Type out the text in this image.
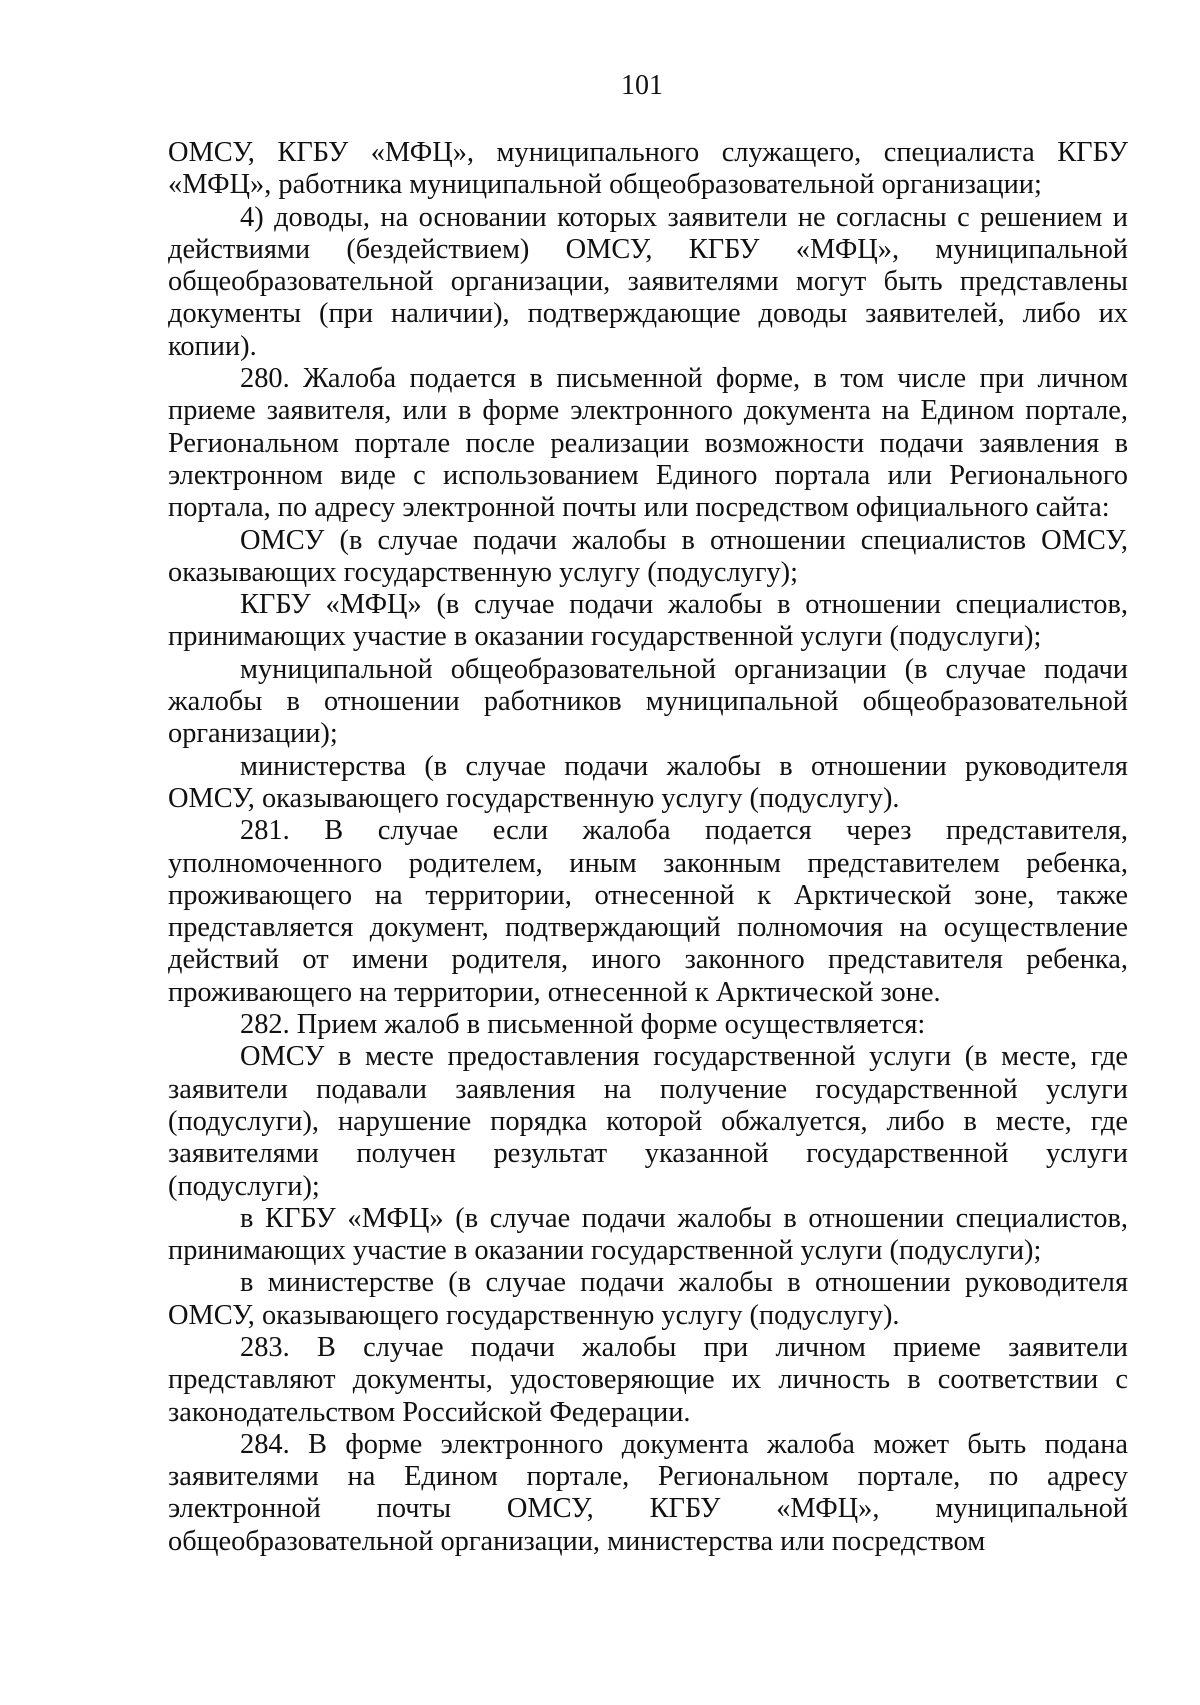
101

ОМСУ, КГБУ «МФЦ», муниципального служащего, специалиста КГБУ «МФЦ», работника муниципальной общеобразовательной организации;

4) доводы, на основании которых заявители не согласны с решением и действиями (бездействием) ОМСУ, КГБУ «МФЦ», муниципальной общеобразовательной организации, заявителями могут быть представлены документы (при наличии), подтверждающие доводы заявителей, либо их копии).

280. Жалоба подается в письменной форме, в том числе при личном приеме заявителя, или в форме электронного документа на Едином портале, Региональном портале после реализации возможности подачи заявления в электронном виде с использованием Единого портала или Регионального портала, по адресу электронной почты или посредством официального сайта:

ОМСУ (в случае подачи жалобы в отношении специалистов ОМСУ, оказывающих государственную услугу (подуслугу);

КГБУ «МФЦ» (в случае подачи жалобы в отношении специалистов, принимающих участие в оказании государственной услуги (подуслуги);

муниципальной общеобразовательной организации (в случае подачи жалобы в отношении работников муниципальной общеобразовательной организации);

министерства (в случае подачи жалобы в отношении руководителя ОМСУ, оказывающего государственную услугу (подуслугу).

281. В случае если жалоба подается через представителя, уполномоченного родителем, иным законным представителем ребенка, проживающего на территории, отнесенной к Арктической зоне, также представляется документ, подтверждающий полномочия на осуществление действий от имени родителя, иного законного представителя ребенка, проживающего на территории, отнесенной к Арктической зоне.

282. Прием жалоб в письменной форме осуществляется:

ОМСУ в месте предоставления государственной услуги (в месте, где заявители подавали заявления на получение государственной услуги (подуслуги), нарушение порядка которой обжалуется, либо в месте, где заявителями получен результат указанной государственной услуги (подуслуги);

в КГБУ «МФЦ» (в случае подачи жалобы в отношении специалистов, принимающих участие в оказании государственной услуги (подуслуги);

в министерстве (в случае подачи жалобы в отношении руководителя ОМСУ, оказывающего государственную услугу (подуслугу).

283. В случае подачи жалобы при личном приеме заявители представляют документы, удостоверяющие их личность в соответствии с законодательством Российской Федерации.

284. В форме электронного документа жалоба может быть подана заявителями на Едином портале, Региональном портале, по адресу электронной почты ОМСУ, КГБУ «МФЦ», муниципальной общеобразовательной организации, министерства или посредством
